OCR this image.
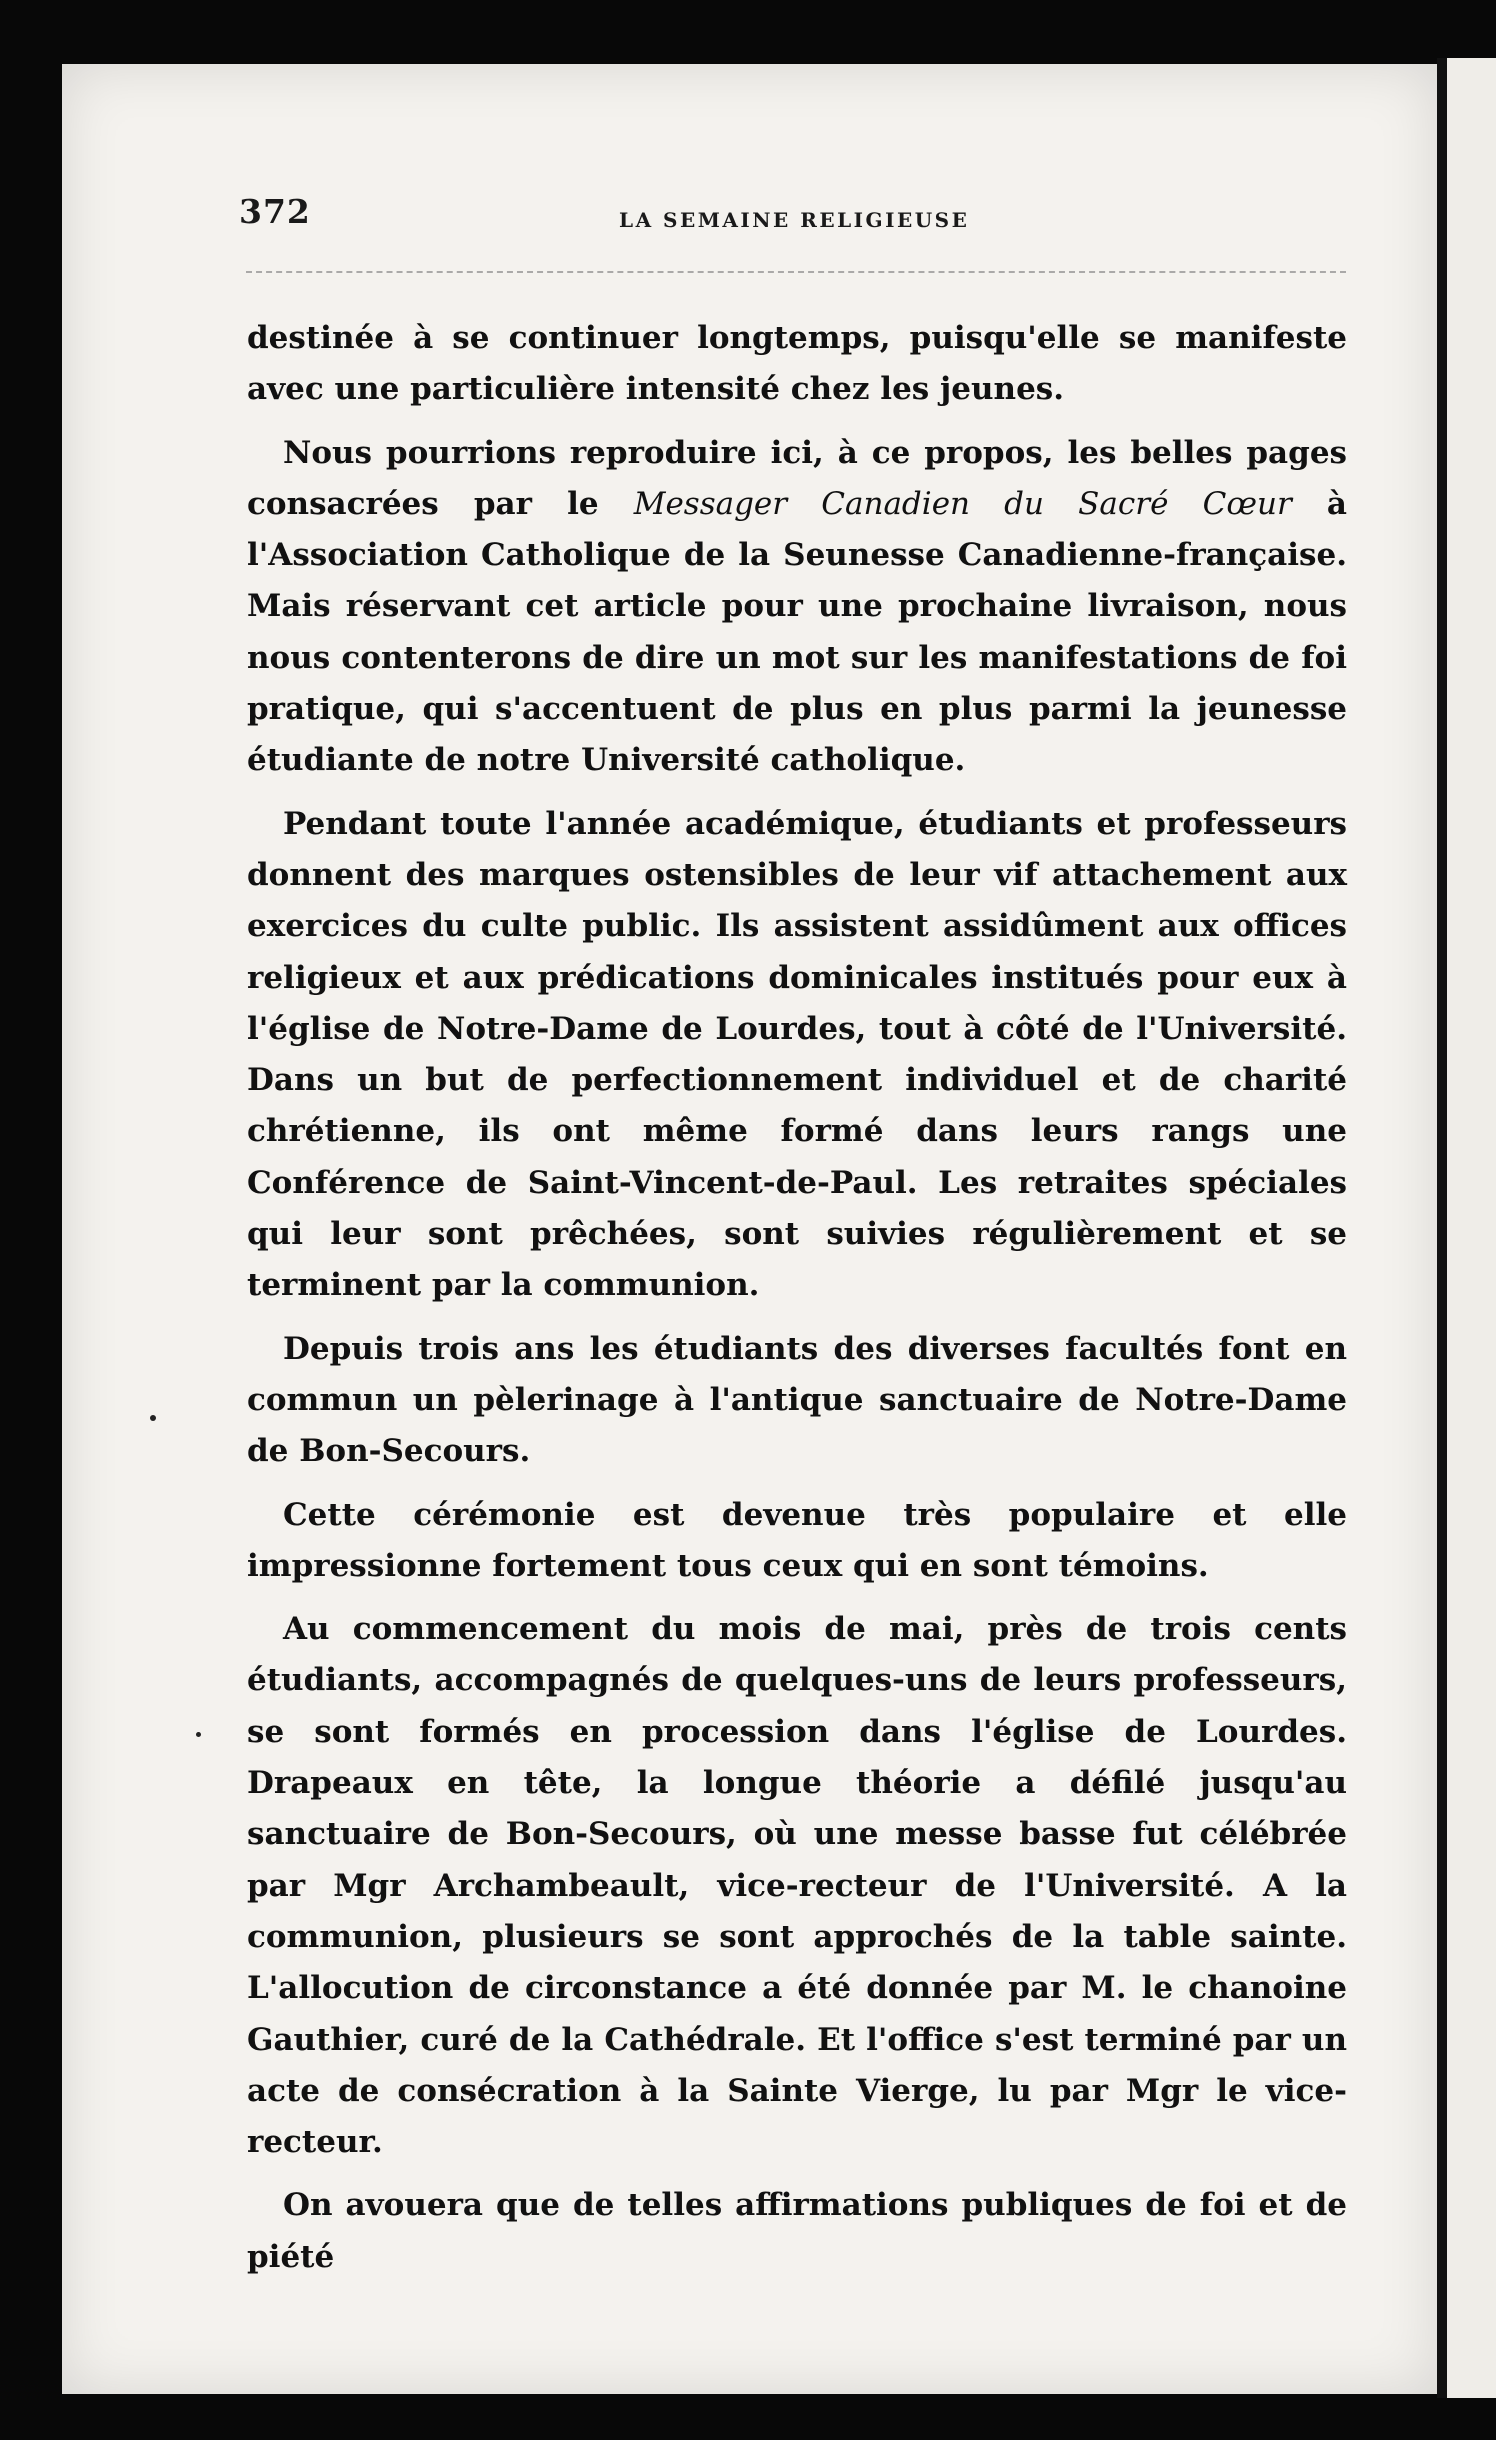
372	LA SEMAINE RELIGIEUSE

destinée à se continuer longtemps, puisqu'elle se manifeste avec une particulière intensité chez les jeunes.

Nous pourrions reproduire ici, à ce propos, les belles pages consacrées par le Messager Canadien du Sacré Cœur à l'Association Catholique de la Seunesse Canadienne-française. Mais réservant cet article pour une prochaine livraison, nous nous contenterons de dire un mot sur les manifestations de foi pratique, qui s'accentuent de plus en plus parmi la jeunesse étudiante de notre Université catholique.

Pendant toute l'année académique, étudiants et professeurs donnent des marques ostensibles de leur vif attachement aux exercices du culte public. Ils assistent assidûment aux offices religieux et aux prédications dominicales institués pour eux à l'église de Notre-Dame de Lourdes, tout à côté de l'Université. Dans un but de perfectionnement individuel et de charité chrétienne, ils ont même formé dans leurs rangs une Conférence de Saint-Vincent-de-Paul. Les retraites spéciales qui leur sont prêchées, sont suivies régulièrement et se terminent par la communion.

Depuis trois ans les étudiants des diverses facultés font en commun un pèlerinage à l'antique sanctuaire de Notre-Dame de Bon-Secours.

Cette cérémonie est devenue très populaire et elle impressionne fortement tous ceux qui en sont témoins.

Au commencement du mois de mai, près de trois cents étudiants, accompagnés de quelques-uns de leurs professeurs, se sont formés en procession dans l'église de Lourdes. Drapeaux en tête, la longue théorie a défilé jusqu'au sanctuaire de Bon-Secours, où une messe basse fut célébrée par Mgr Archambeault, vice-recteur de l'Université. A la communion, plusieurs se sont approchés de la table sainte. L'allocution de circonstance a été donnée par M. le chanoine Gauthier, curé de la Cathédrale. Et l'office s'est terminé par un acte de consécration à la Sainte Vierge, lu par Mgr le vice-recteur.

On avouera que de telles affirmations publiques de foi et de piété
